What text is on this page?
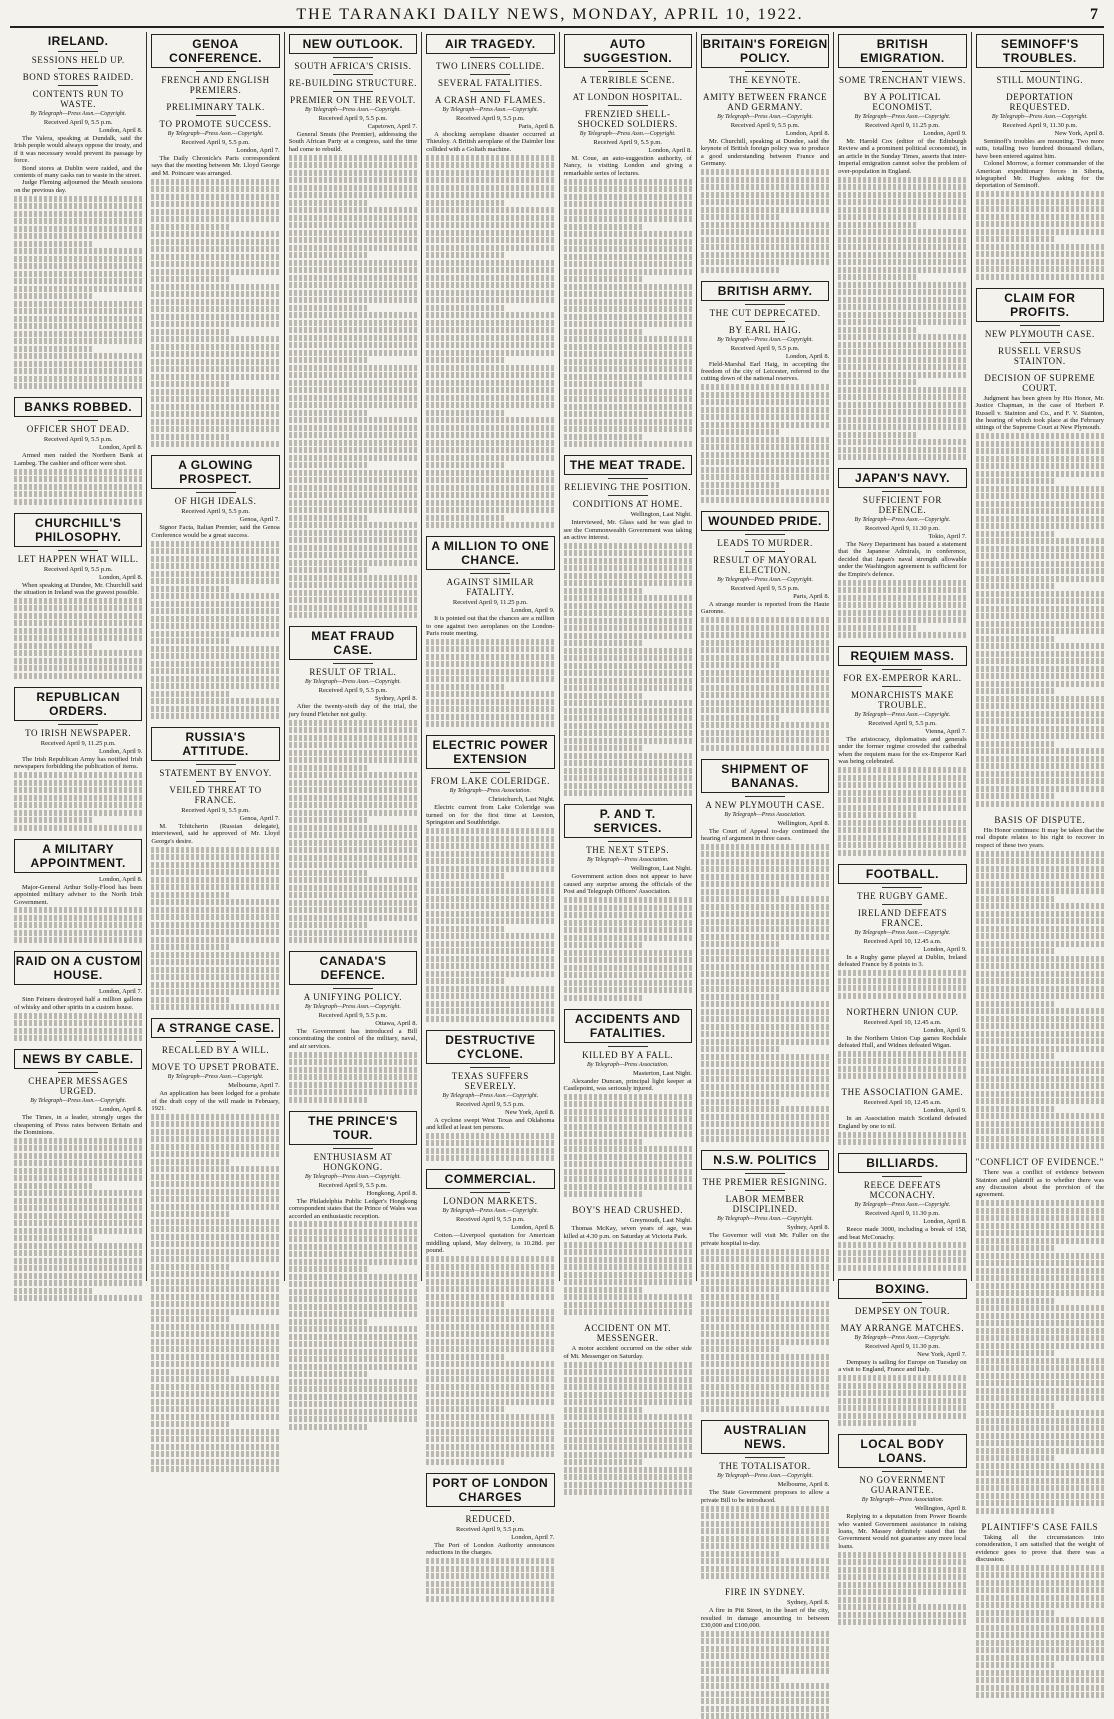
THE TARANAKI DAILY NEWS, MONDAY, APRIL 10, 1922.	7
IRELAND.
SESSIONS HELD UP.
BOND STORES RAIDED.
CONTENTS RUN TO WASTE.
By Telegraph—Press Assn.—Copyright.
Received April 9, 5.5 p.m.
London, April 8.

The Valera, speaking at Dundalk, said the Irish people would always oppose the treaty, and if it was necessary would prevent its passage by force.

Bond stores at Dublin were raided, and the contents of many casks ran to waste in the street.

Judge Fleming adjourned the Meath sessions on the previous day.

BANKS ROBBED.
OFFICER SHOT DEAD.
Received April 9, 5.5 p.m.
London, April 8.

Armed men raided the Northern Bank at Lambeg. The cashier and officer were shot.

CHURCHILL'S PHILOSOPHY.
LET HAPPEN WHAT WILL.
Received April 9, 5.5 p.m.
London, April 8.

When speaking at Dundee, Mr. Churchill said the situation in Ireland was the gravest possible.

REPUBLICAN ORDERS.
TO IRISH NEWSPAPER.
Received April 9, 11.25 p.m.
London, April 9.

The Irish Republican Army has notified Irish newspapers forbidding the publication of items.

A MILITARY APPOINTMENT.
London, April 8.

Major-General Arthur Solly-Flood has been appointed military adviser to the North Irish Government.

RAID ON A CUSTOM HOUSE.
London, April 7.

Sinn Feiners destroyed half a million gallons of whisky and other spirits in a custom house.

NEWS BY CABLE.
CHEAPER MESSAGES URGED.
By Telegraph—Press Assn.—Copyright.
London, April 8.

The Times, in a leader, strongly urges the cheapening of Press rates between Britain and the Dominions.

GENOA CONFERENCE.
FRENCH AND ENGLISH PREMIERS.
PRELIMINARY TALK.
TO PROMOTE SUCCESS.
By Telegraph—Press Assn.—Copyright.
Received April 9, 5.5 p.m.
London, April 7.

The Daily Chronicle's Paris correspondent says that the meeting between Mr. Lloyd George and M. Poincare was arranged.

A GLOWING PROSPECT.
OF HIGH IDEALS.
Received April 9, 5.5 p.m.
Genoa, April 7.

Signor Facta, Italian Premier, said the Genoa Conference would be a great success.

RUSSIA'S ATTITUDE.
STATEMENT BY ENVOY.
VEILED THREAT TO FRANCE.
Received April 9, 5.5 p.m.
Genoa, April 7.

M. Tchitcherin (Russian delegate), interviewed, said he approved of Mr. Lloyd George's desire.

A STRANGE CASE.
RECALLED BY A WILL.
MOVE TO UPSET PROBATE.
By Telegraph—Press Assn.—Copyright.
Melbourne, April 7.

An application has been lodged for a probate of the draft copy of the will made in February, 1921.

NEW OUTLOOK.
SOUTH AFRICA'S CRISIS.
RE-BUILDING STRUCTURE.
PREMIER ON THE REVOLT.
By Telegraph—Press Assn.—Copyright.
Received April 9, 5.5 p.m.
Capetown, April 7.

General Smuts (the Premier), addressing the South African Party at a congress, said the time had come to rebuild.

MEAT FRAUD CASE.
RESULT OF TRIAL.
By Telegraph—Press Assn.—Copyright.
Received April 9, 5.5 p.m.
Sydney, April 8.

After the twenty-sixth day of the trial, the jury found Fletcher not guilty.

CANADA'S DEFENCE.
A UNIFYING POLICY.
By Telegraph—Press Assn.—Copyright.
Received April 9, 5.5 p.m.
Ottawa, April 8.

The Government has introduced a Bill concentrating the control of the military, naval, and air services.

THE PRINCE'S TOUR.
ENTHUSIASM AT HONGKONG.
By Telegraph—Press Assn.—Copyright.
Received April 9, 5.5 p.m.
Hongkong, April 8.

The Philadelphia Public Ledger's Hongkong correspondent states that the Prince of Wales was accorded an enthusiastic reception.

AIR TRAGEDY.
TWO LINERS COLLIDE.
SEVERAL FATALITIES.
A CRASH AND FLAMES.
By Telegraph—Press Assn.—Copyright.
Received April 9, 5.5 p.m.
Paris, April 8.

A shocking aeroplane disaster occurred at Thieuloy. A British aeroplane of the Daimler line collided with a Goliath machine.

A MILLION TO ONE CHANCE.
AGAINST SIMILAR FATALITY.
Received April 9, 11.25 p.m.
London, April 9.

It is pointed out that the chances are a million to one against two aeroplanes on the London-Paris route meeting.

ELECTRIC POWER EXTENSION
FROM LAKE COLERIDGE.
By Telegraph—Press Association.
Christchurch, Last Night.

Electric current from Lake Coleridge was turned on for the first time at Leeston, Springston and Southbridge.

DESTRUCTIVE CYCLONE.
TEXAS SUFFERS SEVERELY.
By Telegraph—Press Assn.—Copyright.
Received April 9, 5.5 p.m.
New York, April 8.

A cyclone swept West Texas and Oklahoma and killed at least ten persons.

COMMERCIAL.
LONDON MARKETS.
By Telegraph—Press Assn.—Copyright.
Received April 9, 5.5 p.m.
London, April 8.

Cotton.—Liverpool quotation for American middling upland, May delivery, is 10.28d. per pound.

PORT OF LONDON CHARGES
REDUCED.
Received April 9, 5.5 p.m.
London, April 7.

The Port of London Authority announces reductions in the charges.

AUTO SUGGESTION.
A TERRIBLE SCENE.
AT LONDON HOSPITAL.
FRENZIED SHELL-SHOCKED SOLDIERS.
By Telegraph—Press Assn.—Copyright.
Received April 9, 5.5 p.m.
London, April 8.

M. Coue, an auto-suggestion authority, of Nancy, is visiting London and giving a remarkable series of lectures.

THE MEAT TRADE.
RELIEVING THE POSITION.
CONDITIONS AT HOME.
Wellington, Last Night.

Interviewed, Mr. Glass said he was glad to see the Commonwealth Government was taking an active interest.

P. AND T. SERVICES.
THE NEXT STEPS.
By Telegraph—Press Association.
Wellington, Last Night.

Government action does not appear to have caused any surprise among the officials of the Post and Telegraph Officers' Association.

ACCIDENTS AND FATALITIES.
KILLED BY A FALL.
By Telegraph—Press Association.
Masterton, Last Night.

Alexander Duncan, principal light keeper at Castlepoint, was seriously injured.

BOY'S HEAD CRUSHED.
Greymouth, Last Night.

Thomas McKay, seven years of age, was killed at 4.30 p.m. on Saturday at Victoria Park.

ACCIDENT ON MT. MESSENGER.

A motor accident occurred on the other side of Mt. Messenger on Saturday.

BRITAIN'S FOREIGN POLICY.
THE KEYNOTE.
AMITY BETWEEN FRANCE AND GERMANY.
By Telegraph—Press Assn.—Copyright.
Received April 9, 5.5 p.m.
London, April 8.

Mr. Churchill, speaking at Dundee, said the keynote of British foreign policy was to produce a good understanding between France and Germany.

BRITISH ARMY.
THE CUT DEPRECATED.
BY EARL HAIG.
By Telegraph—Press Assn.—Copyright.
Received April 9, 5.5 p.m.
London, April 8.

Field-Marshal Earl Haig, in accepting the freedom of the city of Leicester, referred to the cutting down of the national reserves.

WOUNDED PRIDE.
LEADS TO MURDER.
RESULT OF MAYORAL ELECTION.
By Telegraph—Press Assn.—Copyright.
Received April 9, 5.5 p.m.
Paris, April 8.

A strange murder is reported from the Haute Garonne.

SHIPMENT OF BANANAS.
A NEW PLYMOUTH CASE.
By Telegraph—Press Association.
Wellington, April 8.

The Court of Appeal to-day continued the hearing of argument in three cases.

N.S.W. POLITICS
THE PREMIER RESIGNING.
LABOR MEMBER DISCIPLINED.
By Telegraph—Press Assn.—Copyright.
Sydney, April 8.

The Governor will visit Mr. Fuller on the private hospital to-day.

AUSTRALIAN NEWS.
THE TOTALISATOR.
By Telegraph—Press Assn.—Copyright.
Melbourne, April 8.

The State Government proposes to allow a private Bill to be introduced.

FIRE IN SYDNEY.
Sydney, April 8.

A fire in Pitt Street, in the heart of the city, resulted in damage amounting to between £30,000 and £100,000.

BRITISH EMIGRATION.
SOME TRENCHANT VIEWS.
BY A POLITICAL ECONOMIST.
By Telegraph—Press Assn.—Copyright.
Received April 9, 11.25 p.m.
London, April 9.

Mr. Harold Cox (editor of the Edinburgh Review and a prominent political economist), in an article in the Sunday Times, asserts that inter-Imperial emigration cannot solve the problem of over-population in England.

JAPAN'S NAVY.
SUFFICIENT FOR DEFENCE.
By Telegraph—Press Assn.—Copyright.
Received April 9, 11.30 p.m.
Tokio, April 7.

The Navy Department has issued a statement that the Japanese Admirals, in conference, decided that Japan's naval strength allowable under the Washington agreement is sufficient for the Empire's defence.

REQUIEM MASS.
FOR EX-EMPEROR KARL.
MONARCHISTS MAKE TROUBLE.
By Telegraph—Press Assn.—Copyright.
Received April 9, 5.5 p.m.
Vienna, April 7.

The aristocracy, diplomatists and generals under the former regime crowded the cathedral when the requiem mass for the ex-Emperor Karl was being celebrated.

FOOTBALL.
THE RUGBY GAME.
IRELAND DEFEATS FRANCE.
By Telegraph—Press Assn.—Copyright.
Received April 10, 12.45 a.m.
London, April 9.

In a Rugby game played at Dublin, Ireland defeated France by 8 points to 3.

NORTHERN UNION CUP.
Received April 10, 12.45 a.m.
London, April 9.

In the Northern Union Cup games Rochdale defeated Hull, and Widnes defeated Wigan.

THE ASSOCIATION GAME.
Received April 10, 12.45 a.m.
London, April 9.

In an Association match Scotland defeated England by one to nil.

BILLIARDS.
REECE DEFEATS MCCONACHY.
By Telegraph—Press Assn.—Copyright.
Received April 9, 11.30 p.m.
London, April 8.

Reece made 3000, including a break of 158, and beat McConachy.

BOXING.
DEMPSEY ON TOUR.
MAY ARRANGE MATCHES.
By Telegraph—Press Assn.—Copyright.
Received April 9, 11.30 p.m.
New York, April 7.

Dempsey is sailing for Europe on Tuesday on a visit to England, France and Italy.

LOCAL BODY LOANS.
NO GOVERNMENT GUARANTEE.
By Telegraph—Press Association.
Wellington, April 8.

Replying to a deputation from Power Boards who wanted Government assistance in raising loans, Mr. Massey definitely stated that the Government would not guarantee any more local loans.

SEMINOFF'S TROUBLES.
STILL MOUNTING.
DEPORTATION REQUESTED.
By Telegraph—Press Assn.—Copyright.
Received April 9, 11.30 p.m.
New York, April 8.

Seminoff's troubles are mounting. Two more suits, totalling two hundred thousand dollars, have been entered against him.

Colonel Morrow, a former commander of the American expeditionary forces in Siberia, telegraphed Mr. Hughes asking for the deportation of Seminoff.

CLAIM FOR PROFITS.
NEW PLYMOUTH CASE.
RUSSELL VERSUS STAINTON.
DECISION OF SUPREME COURT.

Judgment has been given by His Honor, Mr. Justice Chapman, in the case of Herbert P. Russell v. Stainton and Co., and F. V. Stainton, the hearing of which took place at the February sittings of the Supreme Court at New Plymouth.

BASIS OF DISPUTE.

His Honor continues: It may be taken that the real dispute relates to his right to recover in respect of these two years.

"CONFLICT OF EVIDENCE."

There was a conflict of evidence between Stainton and plaintiff as to whether there was any discussion about the provision of the agreement.

PLAINTIFF'S CASE FAILS

Taking all the circumstances into consideration, I am satisfied that the weight of evidence goes to prove that there was a discussion.
